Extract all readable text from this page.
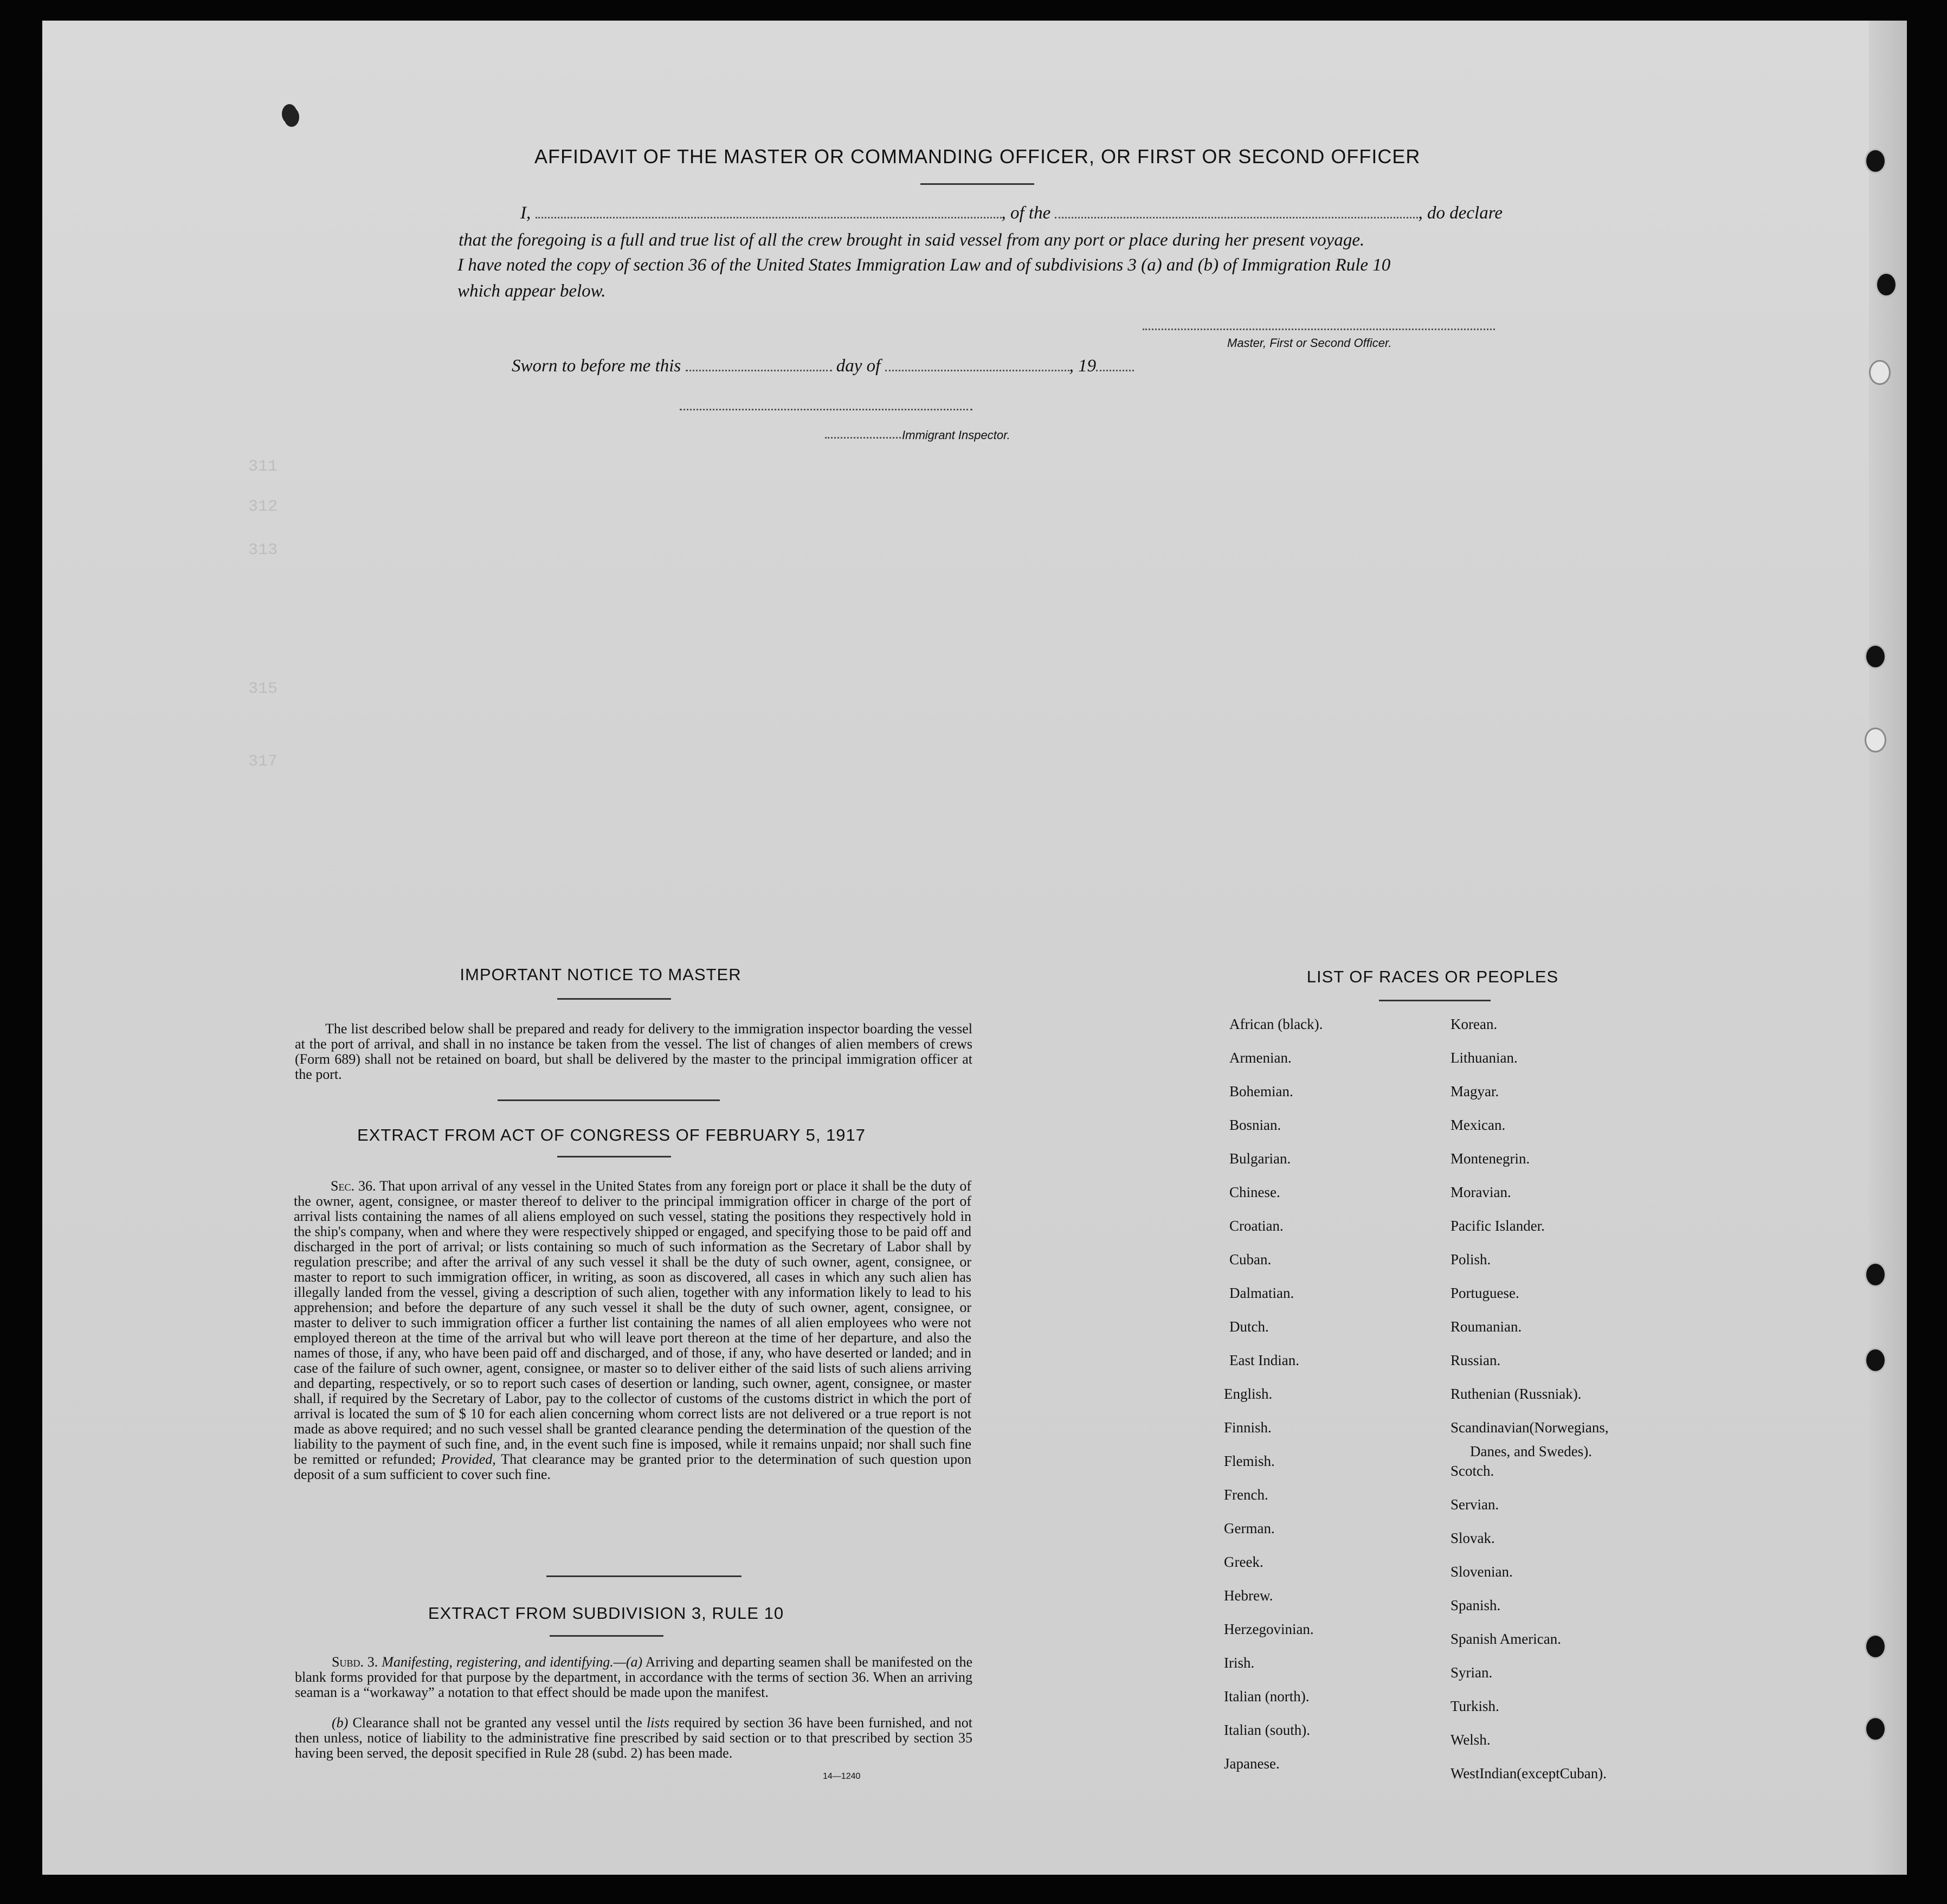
AFFIDAVIT OF THE MASTER OR COMMANDING OFFICER, OR FIRST OR SECOND OFFICER
I,	, of the	, do declare
that the foregoing is a full and true list of all the crew brought in said vessel from any port or place during her present voyage.
I have noted the copy of section 36 of the United States Immigration Law and of subdivisions 3 (a) and (b) of Immigration Rule 10
which appear below.
Master, First or Second Officer.
Sworn to before me this	day of	, 19
Immigrant Inspector.
311
312
313
315
317
IMPORTANT NOTICE TO MASTER
The list described below shall be prepared and ready for delivery to the immigration inspector boarding the vessel at the port of arrival, and shall in no instance be taken from the vessel. The list of changes of alien members of crews (Form 689) shall not be retained on board, but shall be delivered by the master to the principal immigration officer at the port.
EXTRACT FROM ACT OF CONGRESS OF FEBRUARY 5, 1917
Sec. 36. That upon arrival of any vessel in the United States from any foreign port or place it shall be the duty of the owner, agent, consignee, or master thereof to deliver to the principal immigration officer in charge of the port of arrival lists containing the names of all aliens employed on such vessel, stating the positions they respectively hold in the ship's company, when and where they were respectively shipped or engaged, and specifying those to be paid off and discharged in the port of arrival; or lists containing so much of such information as the Secretary of Labor shall by regulation prescribe; and after the arrival of any such vessel it shall be the duty of such owner, agent, consignee, or master to report to such immigration officer, in writing, as soon as discovered, all cases in which any such alien has illegally landed from the vessel, giving a description of such alien, together with any information likely to lead to his apprehension; and before the departure of any such vessel it shall be the duty of such owner, agent, consignee, or master to deliver to such immigration officer a further list containing the names of all alien employees who were not employed thereon at the time of the arrival but who will leave port thereon at the time of her departure, and also the names of those, if any, who have been paid off and discharged, and of those, if any, who have deserted or landed; and in case of the failure of such owner, agent, consignee, or master so to deliver either of the said lists of such aliens arriving and departing, respectively, or so to report such cases of desertion or landing, such owner, agent, consignee, or master shall, if required by the Secretary of Labor, pay to the collector of customs of the customs district in which the port of arrival is located the sum of $ 10 for each alien concerning whom correct lists are not delivered or a true report is not made as above required; and no such vessel shall be granted clearance pending the determination of the question of the liability to the payment of such fine, and, in the event such fine is imposed, while it remains unpaid; nor shall such fine be remitted or refunded; Provided, That clearance may be granted prior to the determination of such question upon deposit of a sum sufficient to cover such fine.
EXTRACT FROM SUBDIVISION 3, RULE 10
Subd. 3. Manifesting, registering, and identifying.—(a) Arriving and departing seamen shall be manifested on the blank forms provided for that purpose by the department, in accordance with the terms of section 36. When an arriving seaman is a “workaway” a notation to that effect should be made upon the manifest.
(b) Clearance shall not be granted any vessel until the lists required by section 36 have been furnished, and not then unless, notice of liability to the administrative fine prescribed by said section or to that prescribed by section 35 having been served, the deposit specified in Rule 28 (subd. 2) has been made.
14—1240
LIST OF RACES OR PEOPLES
African (black).
Armenian.
Bohemian.
Bosnian.
Bulgarian.
Chinese.
Croatian.
Cuban.
Dalmatian.
Dutch.
East Indian.
English.
Finnish.
Flemish.
French.
German.
Greek.
Hebrew.
Herzegovinian.
Irish.
Italian (north).
Italian (south).
Japanese.
Korean.
Lithuanian.
Magyar.
Mexican.
Montenegrin.
Moravian.
Pacific Islander.
Polish.
Portuguese.
Roumanian.
Russian.
Ruthenian (Russniak).
Scandinavian(Norwegians,
Danes, and Swedes).
Scotch.
Servian.
Slovak.
Slovenian.
Spanish.
Spanish American.
Syrian.
Turkish.
Welsh.
WestIndian(exceptCuban).
